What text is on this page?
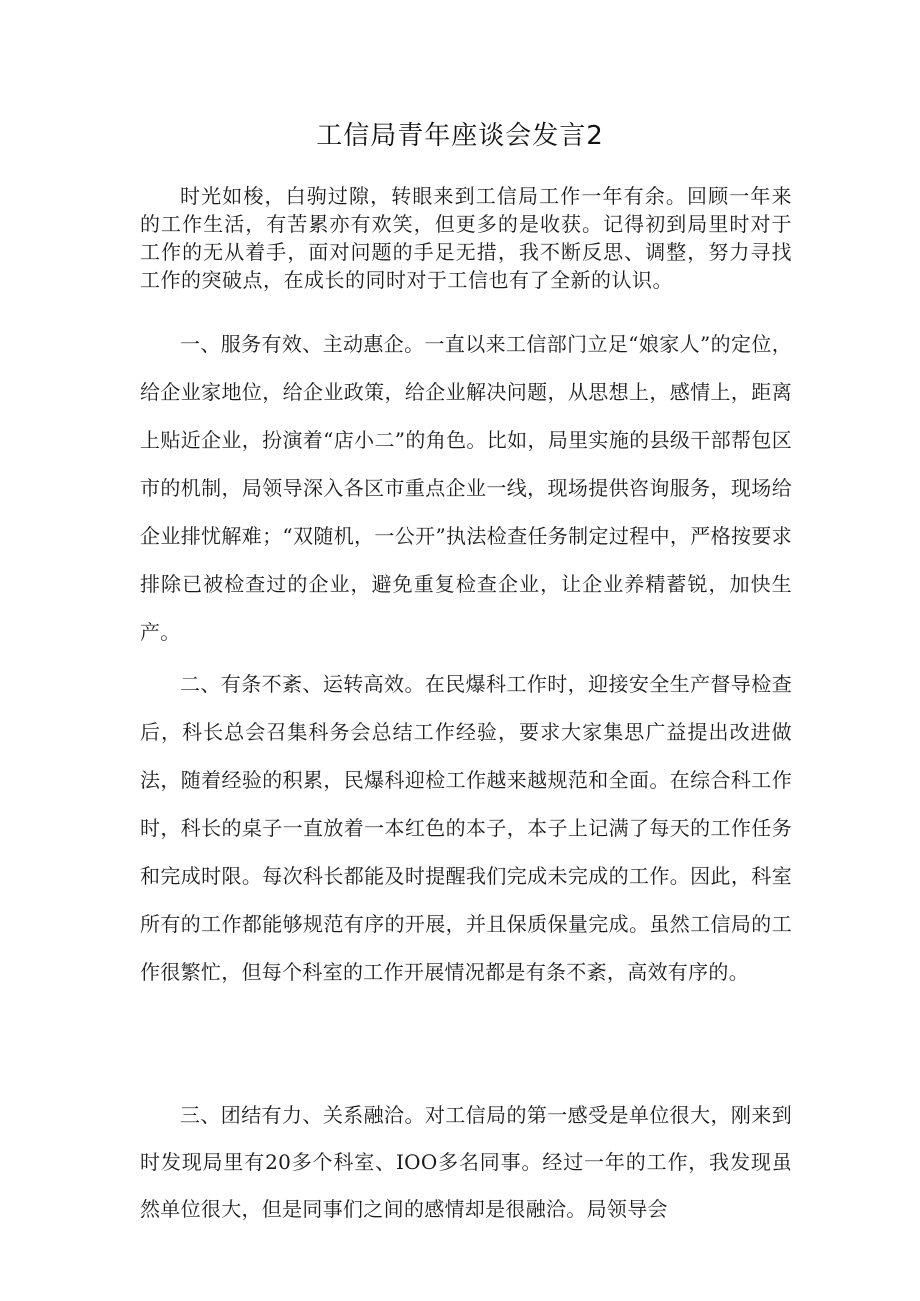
工信局青年座谈会发言2

时光如梭，白驹过隙，转眼来到工信局工作一年有余。回顾一年来的工作生活，有苦累亦有欢笑，但更多的是收获。记得初到局里时对于工作的无从着手，面对问题的手足无措，我不断反思、调整，努力寻找工作的突破点，在成长的同时对于工信也有了全新的认识。

一、服务有效、主动惠企。一直以来工信部门立足“娘家人”的定位，给企业家地位，给企业政策，给企业解决问题，从思想上，感情上，距离上贴近企业，扮演着“店小二”的角色。比如，局里实施的县级干部帮包区市的机制，局领导深入各区市重点企业一线，现场提供咨询服务，现场给企业排忧解难；“双随机，一公开”执法检查任务制定过程中，严格按要求排除已被检查过的企业，避免重复检查企业，让企业养精蓄锐，加快生产。

二、有条不紊、运转高效。在民爆科工作时，迎接安全生产督导检查后，科长总会召集科务会总结工作经验，要求大家集思广益提出改进做法，随着经验的积累，民爆科迎检工作越来越规范和全面。在综合科工作时，科长的桌子一直放着一本红色的本子，本子上记满了每天的工作任务和完成时限。每次科长都能及时提醒我们完成未完成的工作。因此，科室所有的工作都能够规范有序的开展，并且保质保量完成。虽然工信局的工作很繁忙，但每个科室的工作开展情况都是有条不紊，高效有序的。

三、团结有力、关系融洽。对工信局的第一感受是单位很大，刚来到时发现局里有20多个科室、IOO多名同事。经过一年的工作，我发现虽然单位很大，但是同事们之间的感情却是很融洽。局领导会
